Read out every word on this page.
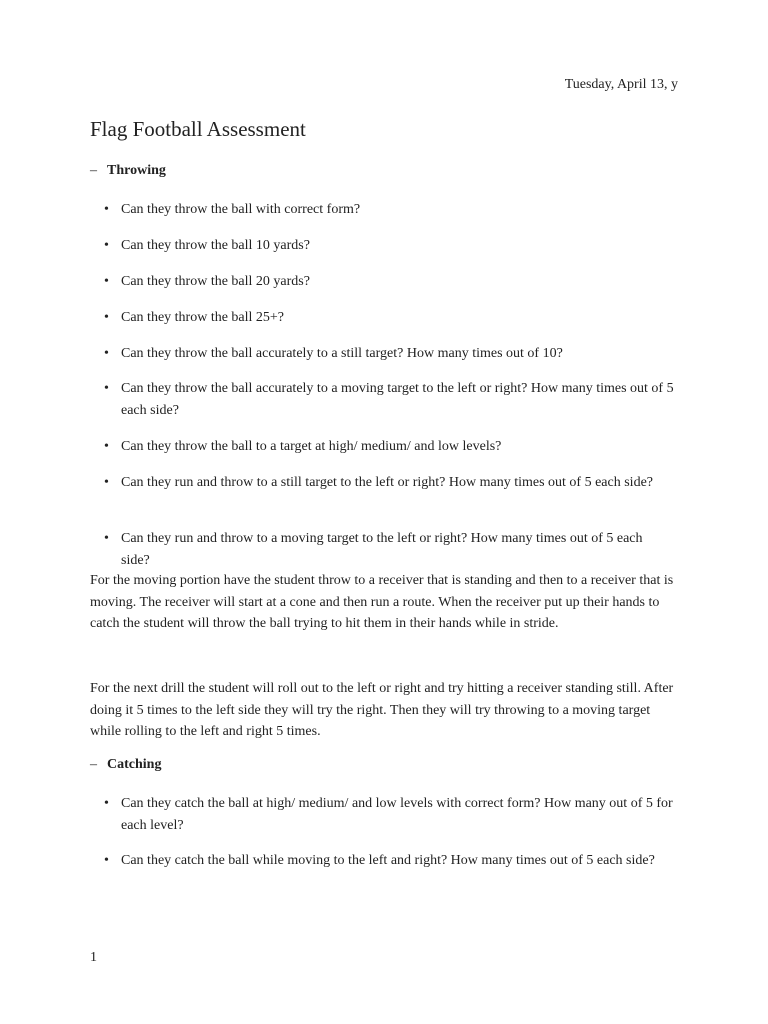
Tuesday, April 13, y
Flag Football Assessment
– Throwing
• Can they throw the ball with correct form?
• Can they throw the ball 10 yards?
• Can they throw the ball 20 yards?
• Can they throw the ball 25+?
• Can they throw the ball accurately to a still target? How many times out of 10?
• Can they throw the ball accurately to a moving target to the left or right? How many times out of 5 each side?
• Can they throw the ball to a target at high/ medium/ and low levels?
• Can they run and throw to a still target to the left or right? How many times out of 5 each side?
• Can they run and throw to a moving target to the left or right? How many times out of 5 each side?

For the moving portion have the student throw to a receiver that is standing and then to a receiver that is moving. The receiver will start at a cone and then run a route. When the receiver put up their hands to catch the student will throw the ball trying to hit them in their hands while in stride.

For the next drill the student will roll out to the left or right and try hitting a receiver standing still. After doing it 5 times to the left side they will try the right. Then they will try throwing to a moving target while rolling to the left and right 5 times.

– Catching
• Can they catch the ball at high/ medium/ and low levels with correct form? How many out of 5 for each level?
• Can they catch the ball while moving to the left and right? How many times out of 5 each side?
1
